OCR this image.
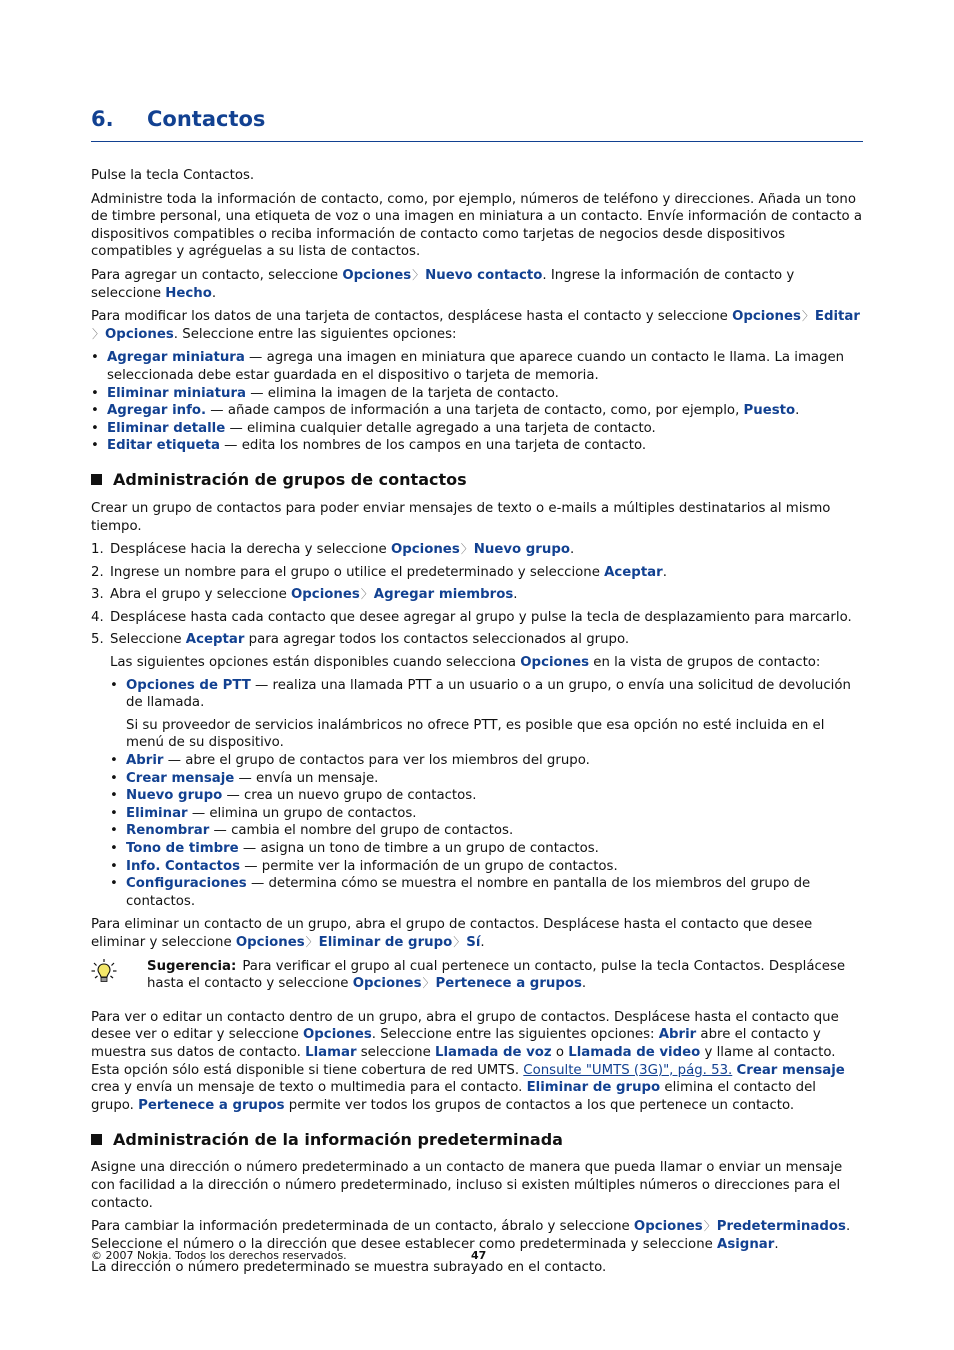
6.	Contactos

Pulse la tecla Contactos.

Administre toda la información de contacto, como, por ejemplo, números de teléfono y direcciones. Añada un tono de timbre personal, una etiqueta de voz o una imagen en miniatura a un contacto. Envíe información de contacto a dispositivos compatibles o reciba información de contacto como tarjetas de negocios desde dispositivos compatibles y agréguelas a su lista de contactos.

Para agregar un contacto, seleccione Opciones〉Nuevo contacto. Ingrese la información de contacto y seleccione Hecho.

Para modificar los datos de una tarjeta de contactos, desplácese hasta el contacto y seleccione Opciones〉Editar〉Opciones. Seleccione entre las siguientes opciones:

• Agregar miniatura — agrega una imagen en miniatura que aparece cuando un contacto le llama. La imagen seleccionada debe estar guardada en el dispositivo o tarjeta de memoria.
• Eliminar miniatura — elimina la imagen de la tarjeta de contacto.
• Agregar info. — añade campos de información a una tarjeta de contacto, como, por ejemplo, Puesto.
• Eliminar detalle — elimina cualquier detalle agregado a una tarjeta de contacto.
• Editar etiqueta — edita los nombres de los campos en una tarjeta de contacto.
Administración de grupos de contactos

Crear un grupo de contactos para poder enviar mensajes de texto o e-mails a múltiples destinatarios al mismo tiempo.

1. Desplácese hacia la derecha y seleccione Opciones〉Nuevo grupo.
2. Ingrese un nombre para el grupo o utilice el predeterminado y seleccione Aceptar.
3. Abra el grupo y seleccione Opciones〉Agregar miembros.
4. Desplácese hasta cada contacto que desee agregar al grupo y pulse la tecla de desplazamiento para marcarlo.
5. Seleccione Aceptar para agregar todos los contactos seleccionados al grupo.

Las siguientes opciones están disponibles cuando selecciona Opciones en la vista de grupos de contacto:

• Opciones de PTT — realiza una llamada PTT a un usuario o a un grupo, o envía una solicitud de devolución de llamada.
Si su proveedor de servicios inalámbricos no ofrece PTT, es posible que esa opción no esté incluida en el menú de su dispositivo.
• Abrir — abre el grupo de contactos para ver los miembros del grupo.
• Crear mensaje — envía un mensaje.
• Nuevo grupo — crea un nuevo grupo de contactos.
• Eliminar — elimina un grupo de contactos.
• Renombrar — cambia el nombre del grupo de contactos.
• Tono de timbre — asigna un tono de timbre a un grupo de contactos.
• Info. Contactos — permite ver la información de un grupo de contactos.
• Configuraciones — determina cómo se muestra el nombre en pantalla de los miembros del grupo de contactos.

Para eliminar un contacto de un grupo, abra el grupo de contactos. Desplácese hasta el contacto que desee eliminar y seleccione Opciones〉Eliminar de grupo〉Sí.

Sugerencia: Para verificar el grupo al cual pertenece un contacto, pulse la tecla Contactos. Desplácese hasta el contacto y seleccione Opciones〉Pertenece a grupos.

Para ver o editar un contacto dentro de un grupo, abra el grupo de contactos. Desplácese hasta el contacto que desee ver o editar y seleccione Opciones. Seleccione entre las siguientes opciones: Abrir abre el contacto y muestra sus datos de contacto. Llamar seleccione Llamada de voz o Llamada de video y llame al contacto. Esta opción sólo está disponible si tiene cobertura de red UMTS. Consulte "UMTS (3G)", pág. 53. Crear mensaje crea y envía un mensaje de texto o multimedia para el contacto. Eliminar de grupo elimina el contacto del grupo. Pertenece a grupos permite ver todos los grupos de contactos a los que pertenece un contacto.

Administración de la información predeterminada

Asigne una dirección o número predeterminado a un contacto de manera que pueda llamar o enviar un mensaje con facilidad a la dirección o número predeterminado, incluso si existen múltiples números o direcciones para el contacto.

Para cambiar la información predeterminada de un contacto, ábralo y seleccione Opciones〉Predeterminados. Seleccione el número o la dirección que desee establecer como predeterminada y seleccione Asignar.

La dirección o número predeterminado se muestra subrayado en el contacto.

© 2007 Nokia. Todos los derechos reservados.	47
